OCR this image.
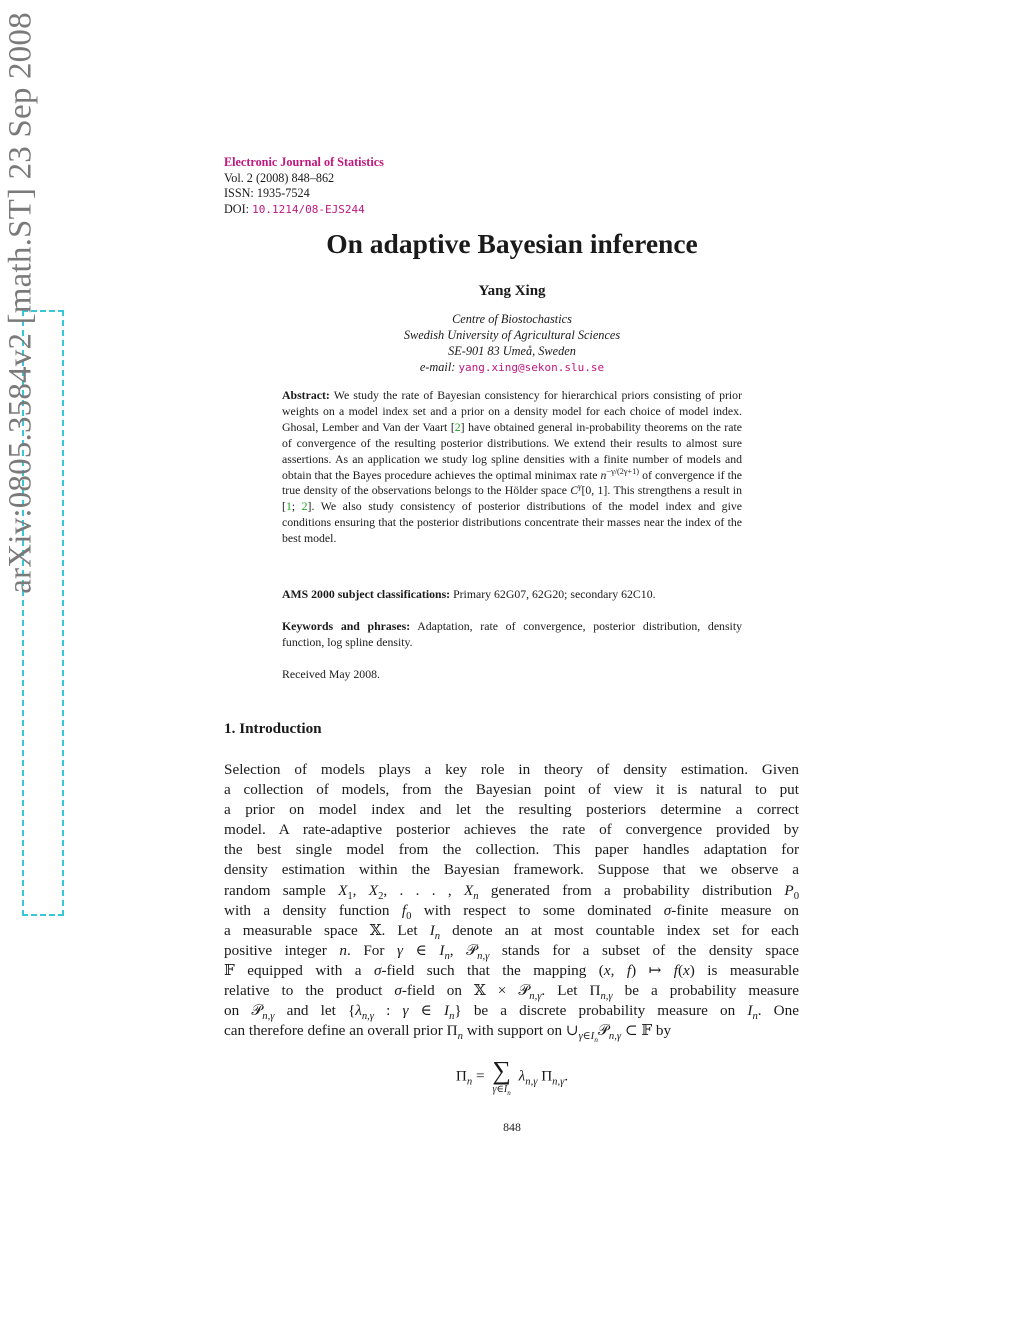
arXiv:0805.3584v2 [math.ST] 23 Sep 2008	Electronic Journal of Statistics
Vol. 2 (2008) 848–862
ISSN: 1935-7524
DOI: 10.1214/08-EJS244
On adaptive Bayesian inference
Yang Xing
Centre of Biostochastics
Swedish University of Agricultural Sciences
SE-901 83 Umeå, Sweden
e-mail: yang.xing@sekon.slu.se
Abstract: We study the rate of Bayesian consistency for hierarchical priors consisting of prior weights on a model index set and a prior on a density model for each choice of model index. Ghosal, Lember and Van der Vaart [2] have obtained general in-probability theorems on the rate of convergence of the resulting posterior distributions. We extend their results to almost sure assertions. As an application we study log spline densities with a finite number of models and obtain that the Bayes procedure achieves the optimal minimax rate $n^{-\gamma/(2\gamma+1)}$ of convergence if the true density of the observations belongs to the Hölder space $C^\gamma[0$, 1]. This strengthens a result in [1; 2]. We also study consistency of posterior distributions of the model index and give conditions ensuring that the posterior distributions concentrate their masses near the index of the best model.
AMS 2000 subject classifications: Primary 62G07, 62G20; secondary 62C10.
Keywords and phrases: Adaptation, rate of convergence, posterior distribution, density function, log spline density.
Received May 2008.
1. Introduction
Selection of models plays a key role in theory of density estimation. Given
a collection of models, from the Bayesian point of view it is natural to put
a prior on model index and let the resulting posteriors determine a correct
model. A rate-adaptive posterior achieves the rate of convergence provided by
the best single model from the collection. This paper handles adaptation for
density estimation within the Bayesian framework. Suppose that we observe a
random sample $X_1$, $X_2$, . . . , $X_n$ generated from a probability distribution $P_0$
with a density function $f_0$ with respect to some dominated σ-finite measure on
a measurable space 𝕏. Let $I_n$ denote an at most countable index set for each
positive integer n. For γ ∈ $I_n$, 𝒫$_{n,\gamma}$ stands for a subset of the density space
𝔽 equipped with a σ-field such that the mapping (x, f) ↦ f(x) is measurable
relative to the product σ-field on 𝕏 × 𝒫$_{n,\gamma}$. Let $\Pi_{n,\gamma}$ be a probability measure
on 𝒫$_{n,\gamma}$ and let {$\lambda_{n,\gamma}$ : γ ∈ $I_n$} be a discrete probability measure on $I_n$. One
can therefore define an overall prior $\Pi_n$ with support on $\cup_{\gamma\in I_n}𝒫_{n,\gamma}$ ⊂ 𝔽 by
$\Pi_n$ = ∑
$\gamma\in I_n$
$\lambda_{n,\gamma}$ $\Pi_{n,\gamma}$.
848
